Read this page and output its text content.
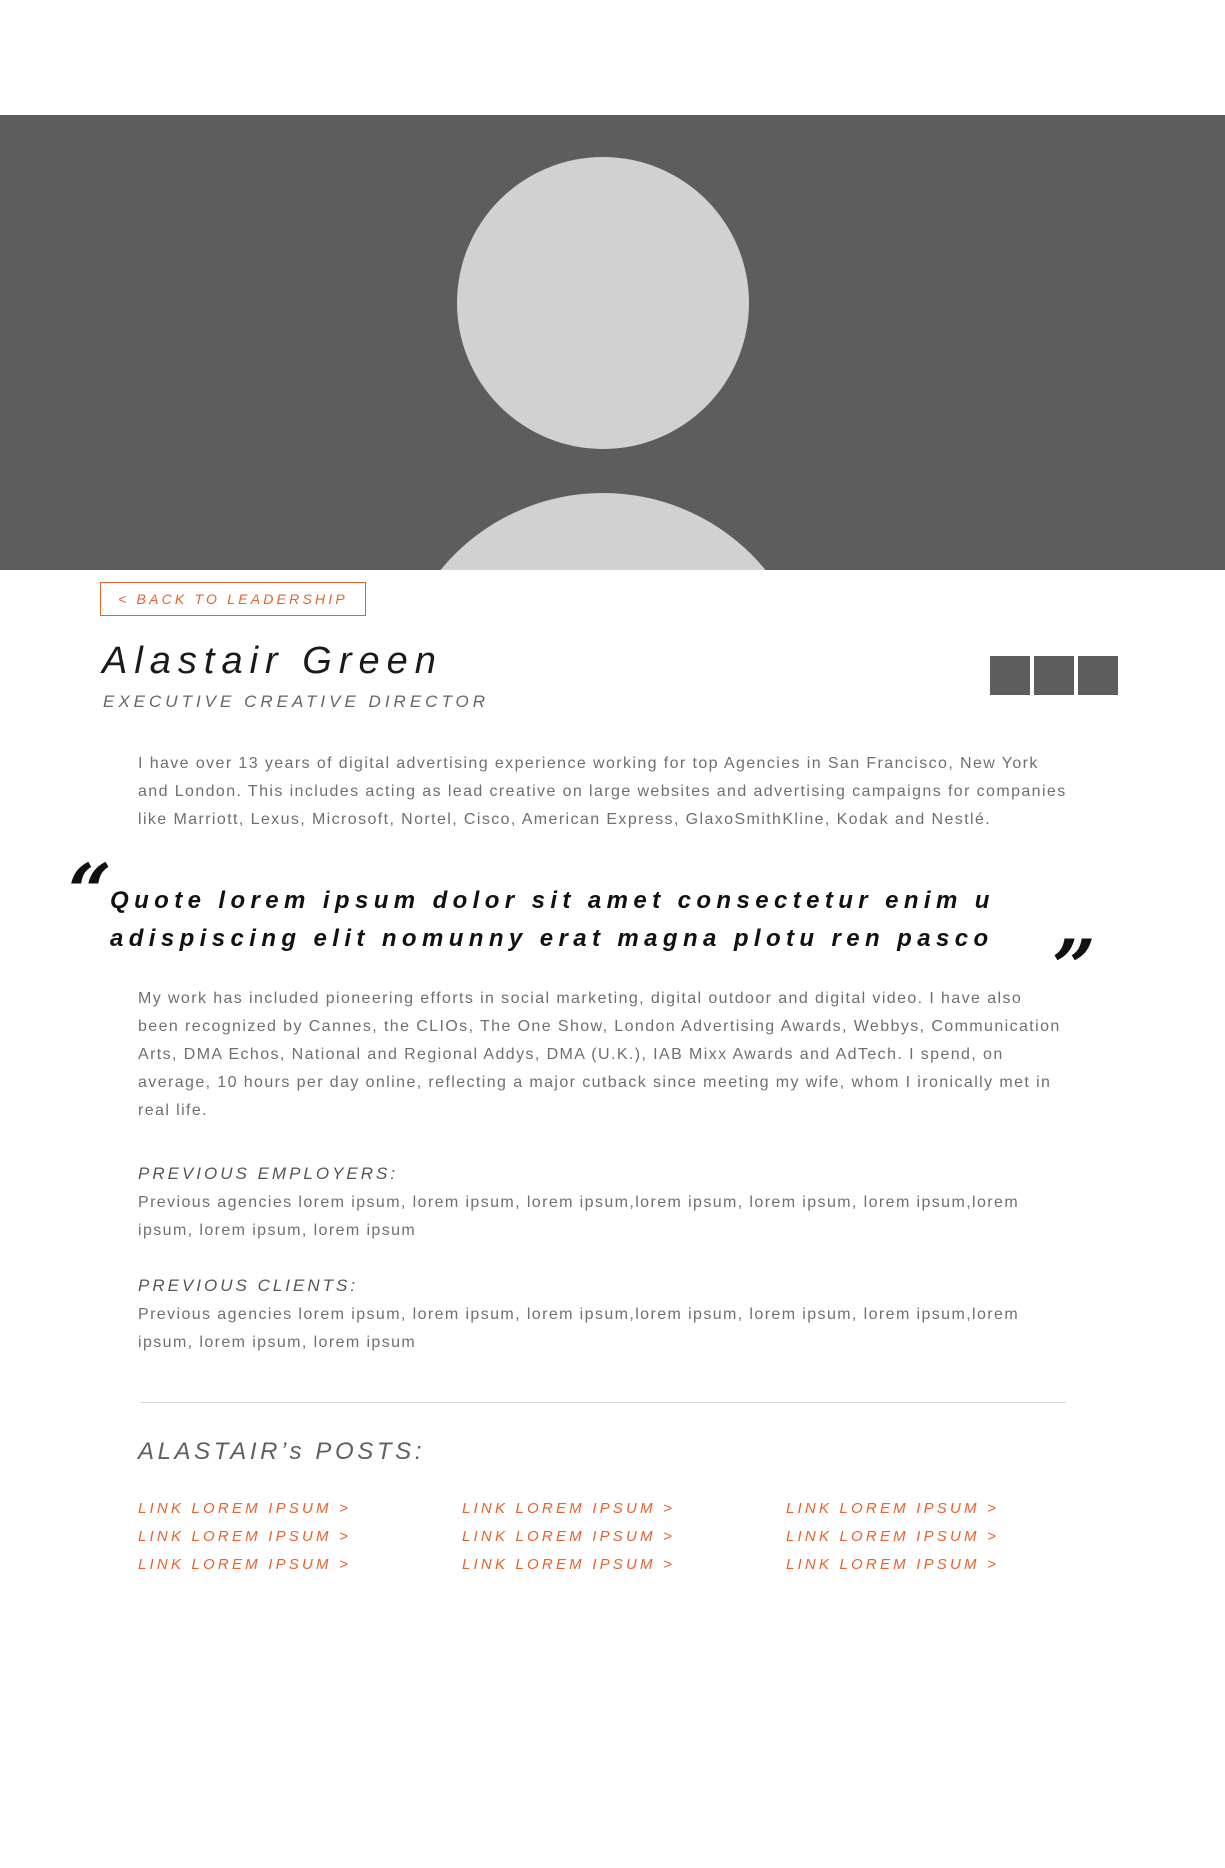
< BACK TO LEADERSHIP
Alastair Green
EXECUTIVE CREATIVE DIRECTOR

I have over 13 years of digital advertising experience working for top Agencies in San Francisco, New York and London. This includes acting as lead creative on large websites and advertising campaigns for companies like Marriott, Lexus, Microsoft, Nortel, Cisco, American Express, GlaxoSmithKline, Kodak and Nestlé.

“

Quote lorem ipsum dolor sit amet consectetur enim u adispiscing elit nomunny erat magna plotu ren pasco ”

My work has included pioneering efforts in social marketing, digital outdoor and digital video. I have also been recognized by Cannes, the CLIOs, The One Show, London Advertising Awards, Webbys, Communication Arts, DMA Echos, National and Regional Addys, DMA (U.K.), IAB Mixx Awards and AdTech. I spend, on average, 10 hours per day online, reflecting a major cutback since meeting my wife, whom I ironically met in real life.

PREVIOUS EMPLOYERS:

Previous agencies lorem ipsum, lorem ipsum, lorem ipsum,lorem ipsum, lorem ipsum, lorem ipsum,lorem ipsum, lorem ipsum, lorem ipsum

PREVIOUS CLIENTS:

Previous agencies lorem ipsum, lorem ipsum, lorem ipsum,lorem ipsum, lorem ipsum, lorem ipsum,lorem ipsum, lorem ipsum, lorem ipsum

ALASTAIR’s POSTS:
LINK LOREM IPSUM >	LINK LOREM IPSUM >	LINK LOREM IPSUM >
LINK LOREM IPSUM >	LINK LOREM IPSUM >	LINK LOREM IPSUM >
LINK LOREM IPSUM >	LINK LOREM IPSUM >	LINK LOREM IPSUM >
